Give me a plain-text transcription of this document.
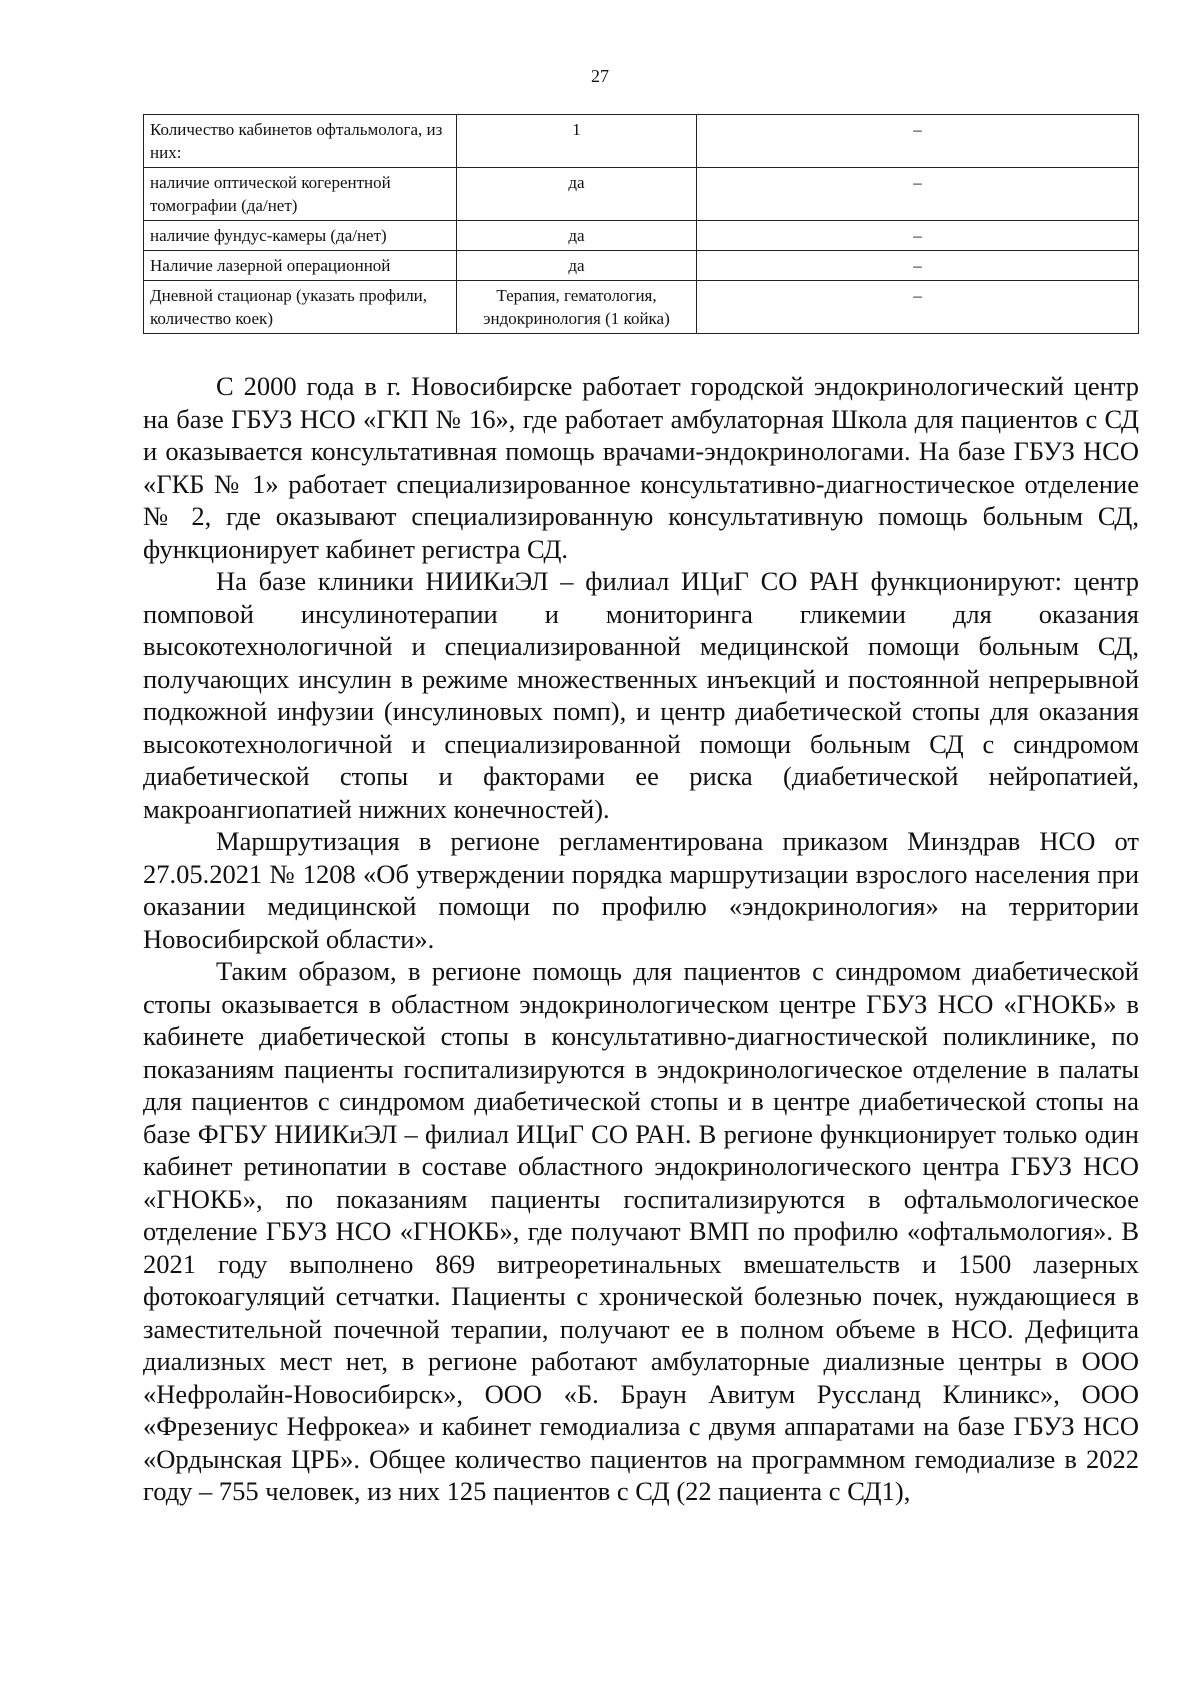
27
Количество кабинетов офтальмолога, из них:	1	–
наличие оптической когерентной томографии (да/нет)	да	–
наличие фундус-камеры (да/нет)	да	–
Наличие лазерной операционной	да	–
Дневной стационар (указать профили, количество коек)	Терапия, гематология, эндокринология (1 койка)	–

С 2000 года в г. Новосибирске работает городской эндокринологический центр на базе ГБУЗ НСО «ГКП № 16», где работает амбулаторная Школа для пациентов с СД и оказывается консультативная помощь врачами-эндокринологами. На базе ГБУЗ НСО «ГКБ № 1» работает специализированное консультативно-диагностическое отделение № 2, где оказывают специализированную консультативную помощь больным СД, функционирует кабинет регистра СД.

На базе клиники НИИКиЭЛ – филиал ИЦиГ СО РАН функционируют: центр помповой инсулинотерапии и мониторинга гликемии для оказания высокотехнологичной и специализированной медицинской помощи больным СД, получающих инсулин в режиме множественных инъекций и постоянной непрерывной подкожной инфузии (инсулиновых помп), и центр диабетической стопы для оказания высокотехнологичной и специализированной помощи больным СД с синдромом диабетической стопы и факторами ее риска (диабетической нейропатией, макроангиопатией нижних конечностей).

Маршрутизация в регионе регламентирована приказом Минздрав НСО от 27.05.2021 № 1208 «Об утверждении порядка маршрутизации взрослого населения при оказании медицинской помощи по профилю «эндокринология» на территории Новосибирской области».

Таким образом, в регионе помощь для пациентов с синдромом диабетической стопы оказывается в областном эндокринологическом центре ГБУЗ НСО «ГНОКБ» в кабинете диабетической стопы в консультативно-диагностической поликлинике, по показаниям пациенты госпитализируются в эндокринологическое отделение в палаты для пациентов с синдромом диабетической стопы и в центре диабетической стопы на базе ФГБУ НИИКиЭЛ – филиал ИЦиГ СО РАН. В регионе функционирует только один кабинет ретинопатии в составе областного эндокринологического центра ГБУЗ НСО «ГНОКБ», по показаниям пациенты госпитализируются в офтальмологическое отделение ГБУЗ НСО «ГНОКБ», где получают ВМП по профилю «офтальмология». В 2021 году выполнено 869 витреоретинальных вмешательств и 1500 лазерных фотокоагуляций сетчатки. Пациенты с хронической болезнью почек, нуждающиеся в заместительной почечной терапии, получают ее в полном объеме в НСО. Дефицита диализных мест нет, в регионе работают амбулаторные диализные центры в ООО «Нефролайн-Новосибирск», ООО «Б. Браун Авитум Руссланд Клиникс», ООО «Фрезениус Нефрокеа» и кабинет гемодиализа с двумя аппаратами на базе ГБУЗ НСО «Ордынская ЦРБ». Общее количество пациентов на программном гемодиализе в 2022 году – 755 человек, из них 125 пациентов с СД (22 пациента с СД1),
